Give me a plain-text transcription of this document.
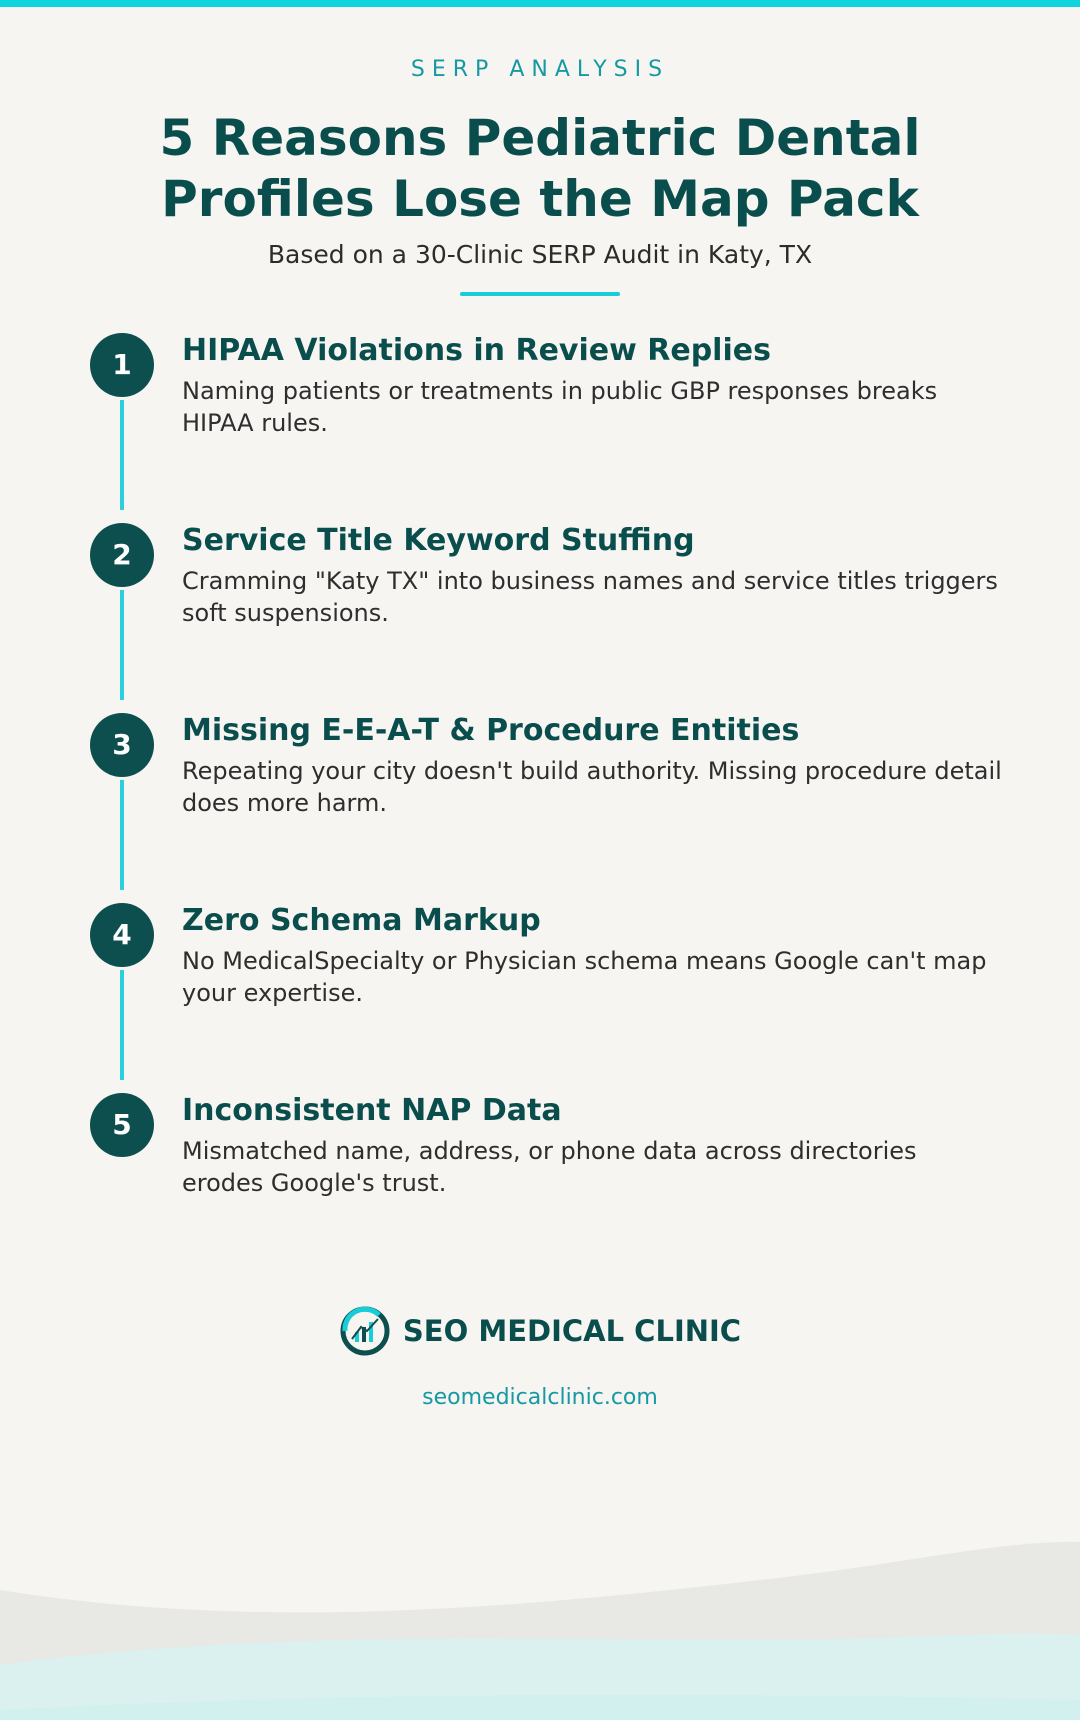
SERP ANALYSIS
5 Reasons Pediatric Dental
Profiles Lose the Map Pack
Based on a 30-Clinic SERP Audit in Katy, TX
1	HIPAA Violations in Review Replies
Naming patients or treatments in public GBP responses breaks HIPAA rules.
2	Service Title Keyword Stuffing
Cramming "Katy TX" into business names and service titles triggers soft suspensions.
3	Missing E-E-A-T & Procedure Entities
Repeating your city doesn't build authority. Missing procedure detail does more harm.
4	Zero Schema Markup
No MedicalSpecialty or Physician schema means Google can't map your expertise.
5	Inconsistent NAP Data
Mismatched name, address, or phone data across directories erodes Google's trust.
SEO MEDICAL CLINIC
seomedicalclinic.com
